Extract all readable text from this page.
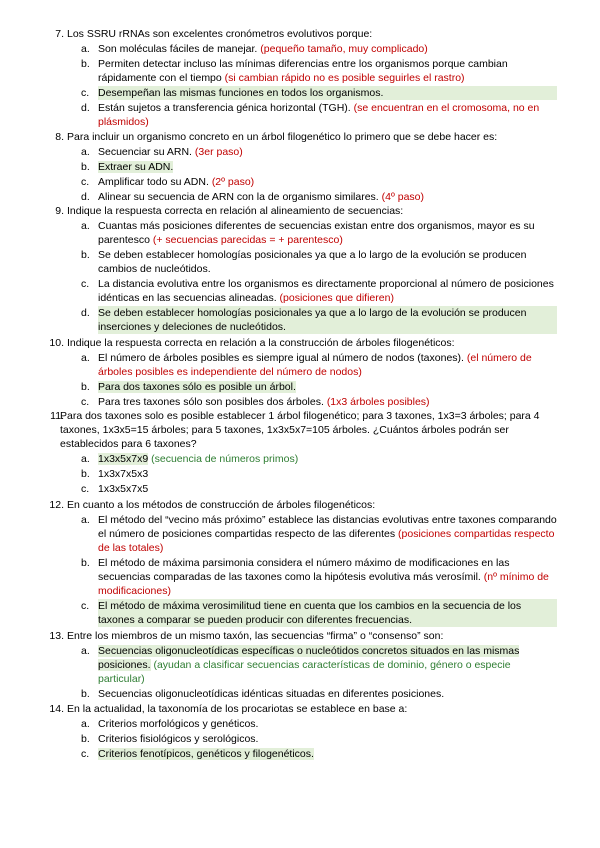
7. Los SSRU rRNAs son excelentes cronómetros evolutivos porque:
a. Son moléculas fáciles de manejar. (pequeño tamaño, muy complicado)
b. Permiten detectar incluso las mínimas diferencias entre los organismos porque cambian rápidamente con el tiempo (si cambian rápido no es posible seguirles el rastro)
c. Desempeñan las mismas funciones en todos los organismos.
d. Están sujetos a transferencia génica horizontal (TGH). (se encuentran en el cromosoma, no en plásmidos)
8. Para incluir un organismo concreto en un árbol filogenético lo primero que se debe hacer es:
a. Secuenciar su ARN. (3er paso)
b. Extraer su ADN.
c. Amplificar todo su ADN. (2º paso)
d. Alinear su secuencia de ARN con la de organismo similares. (4º paso)
9. Indique la respuesta correcta en relación al alineamiento de secuencias:
a. Cuantas más posiciones diferentes de secuencias existan entre dos organismos, mayor es su parentesco (+ secuencias parecidas = + parentesco)
b. Se deben establecer homologías posicionales ya que a lo largo de la evolución se producen cambios de nucleótidos.
c. La distancia evolutiva entre los organismos es directamente proporcional al número de posiciones idénticas en las secuencias alineadas. (posiciones que difieren)
d. Se deben establecer homologías posicionales ya que a lo largo de la evolución se producen inserciones y deleciones de nucleótidos.
10. Indique la respuesta correcta en relación a la construcción de árboles filogenéticos:
a. El número de árboles posibles es siempre igual al número de nodos (taxones). (el número de árboles posibles es independiente del número de nodos)
b. Para dos taxones sólo es posible un árbol.
c. Para tres taxones sólo son posibles dos árboles. (1x3 árboles posibles)
11.
Para dos taxones solo es posible establecer 1 árbol filogenético; para 3 taxones, 1x3=3 árboles; para 4 taxones, 1x3x5=15 árboles; para 5 taxones, 1x3x5x7=105 árboles. ¿Cuántos árboles podrán ser establecidos para 6 taxones?
a. 1x3x5x7x9 (secuencia de números primos)
b. 1x3x7x5x3
c. 1x3x5x7x5
12. En cuanto a los métodos de construcción de árboles filogenéticos:
a. El método del “vecino más próximo” establece las distancias evolutivas entre taxones comparando el número de posiciones compartidas respecto de las diferentes (posiciones compartidas respecto de las totales)
b. El método de máxima parsimonia considera el número máximo de modificaciones en las secuencias comparadas de las taxones como la hipótesis evolutiva más verosímil. (nº mínimo de modificaciones)
c. El método de máxima verosimilitud tiene en cuenta que los cambios en la secuencia de los taxones a comparar se pueden producir con diferentes frecuencias.
13. Entre los miembros de un mismo taxón, las secuencias “firma” o “consenso” son:
a. Secuencias oligonucleotídicas específicas o nucleótidos concretos situados en las mismas posiciones. (ayudan a clasificar secuencias características de dominio, género o especie particular)
b. Secuencias oligonucleotídicas idénticas situadas en diferentes posiciones.
14. En la actualidad, la taxonomía de los procariotas se establece en base a:
a. Criterios morfológicos y genéticos.
b. Criterios fisiológicos y serológicos.
c. Criterios fenotípicos, genéticos y filogenéticos.
